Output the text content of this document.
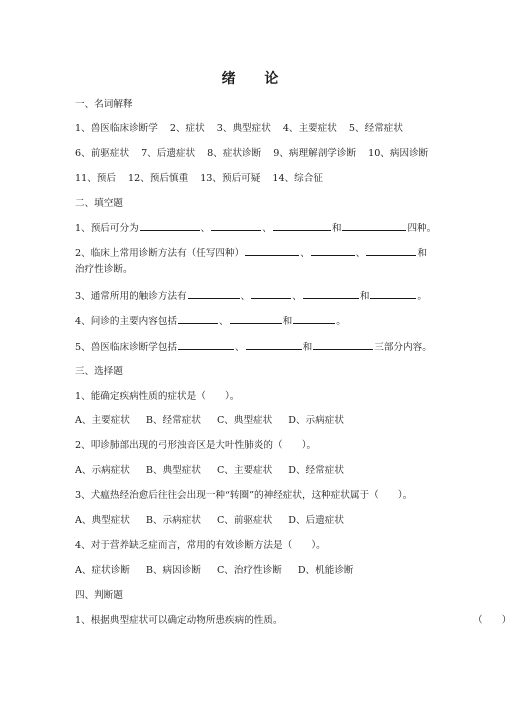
绪 论
一、名词解释
1、兽医临床诊断学 2、症状 3、典型症状 4、主要症状 5、经常症状
6、前驱症状 7、后遗症状 8、症状诊断 9、病理解剖学诊断 10、病因诊断
11、预后 12、预后慎重 13、预后可疑 14、综合征
二、填空题
1、预后可分为	、	、	和	四种。
2、临床上常用诊断方法有（任写四种）	、	、	和
治疗性诊断。
3、通常所用的触诊方法有	、	、	和	。
4、问诊的主要内容包括	、	和	。
5、兽医临床诊断学包括	、	和	三部分内容。
三、选择题
1、能确定疾病性质的症状是（　　）。
A、主要症状 B、经常症状 C、典型症状 D、示病症状
2、叩诊肺部出现的弓形浊音区是大叶性肺炎的（　　）。
A、示病症状 B、典型症状 C、主要症状 D、经常症状
3、犬瘟热经治愈后往往会出现一种“转圈”的神经症状，这种症状属于（　　）。
A、典型症状 B、示病症状 C、前驱症状 D、后遗症状
4、对于营养缺乏症而言，常用的有效诊断方法是（　　）。
A、症状诊断 B、病因诊断 C、治疗性诊断 D、机能诊断
四、判断题
1、根据典型症状可以确定动物所患疾病的性质。	（　　）
